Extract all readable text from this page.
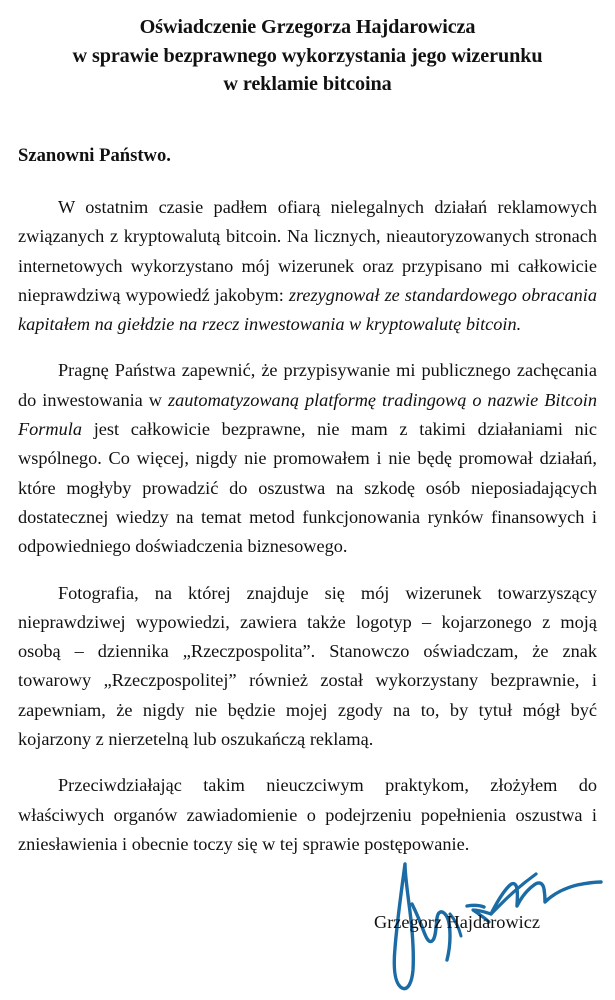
Oświadczenie Grzegorza Hajdarowicza
w sprawie bezprawnego wykorzystania jego wizerunku
w reklamie bitcoina
Szanowni Państwo.

W ostatnim czasie padłem ofiarą nielegalnych działań reklamowych związanych z kryptowalutą bitcoin. Na licznych, nieautoryzowanych stronach internetowych wykorzystano mój wizerunek oraz przypisano mi całkowicie nieprawdziwą wypowiedź jakobym: zrezygnował ze standardowego obracania kapitałem na giełdzie na rzecz inwestowania w kryptowalutę bitcoin.

Pragnę Państwa zapewnić, że przypisywanie mi publicznego zachęcania do inwestowania w zautomatyzowaną platformę tradingową o nazwie Bitcoin Formula jest całkowicie bezprawne, nie mam z takimi działaniami nic wspólnego. Co więcej, nigdy nie promowałem i nie będę promował działań, które mogłyby prowadzić do oszustwa na szkodę osób nieposiadających dostatecznej wiedzy na temat metod funkcjonowania rynków finansowych i odpowiedniego doświadczenia biznesowego.

Fotografia, na której znajduje się mój wizerunek towarzyszący nieprawdziwej wypowiedzi, zawiera także logotyp – kojarzonego z moją osobą – dziennika „Rzeczpospolita”. Stanowczo oświadczam, że znak towarowy „Rzeczpospolitej” również został wykorzystany bezprawnie, i zapewniam, że nigdy nie będzie mojej zgody na to, by tytuł mógł być kojarzony z nierzetelną lub oszukańczą reklamą.

Przeciwdziałając takim nieuczciwym praktykom, złożyłem do właściwych organów zawiadomienie o podejrzeniu popełnienia oszustwa i zniesławienia i obecnie toczy się w tej sprawie postępowanie.

Grzegorz Hajdarowicz
